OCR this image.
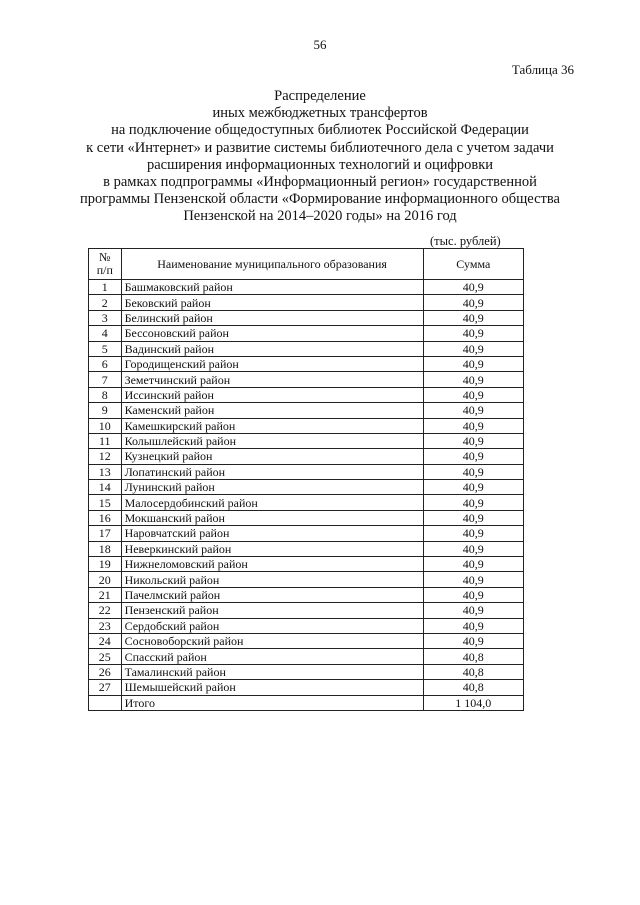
56
Таблица 36
Распределение
иных межбюджетных трансфертов
на подключение общедоступных библиотек Российской Федерации
к сети «Интернет» и развитие системы библиотечного дела с учетом задачи
расширения информационных технологий и оцифровки
в рамках подпрограммы «Информационный регион» государственной
программы Пензенской области «Формирование информационного общества
Пензенской на 2014–2020 годы» на 2016 год
(тыс. рублей)
№
п/п	Наименование муниципального образования	Сумма
1	Башмаковский район	40,9
2	Бековский район	40,9
3	Белинский район	40,9
4	Бессоновский район	40,9
5	Вадинский район	40,9
6	Городищенский район	40,9
7	Земетчинский район	40,9
8	Иссинский район	40,9
9	Каменский район	40,9
10	Камешкирский район	40,9
11	Колышлейский район	40,9
12	Кузнецкий район	40,9
13	Лопатинский район	40,9
14	Лунинский район	40,9
15	Малосердобинский район	40,9
16	Мокшанский район	40,9
17	Наровчатский район	40,9
18	Неверкинский район	40,9
19	Нижнеломовский район	40,9
20	Никольский район	40,9
21	Пачелмский район	40,9
22	Пензенский район	40,9
23	Сердобский район	40,9
24	Сосновоборский район	40,9
25	Спасский район	40,8
26	Тамалинский район	40,8
27	Шемышейский район	40,8
	Итого	1 104,0
